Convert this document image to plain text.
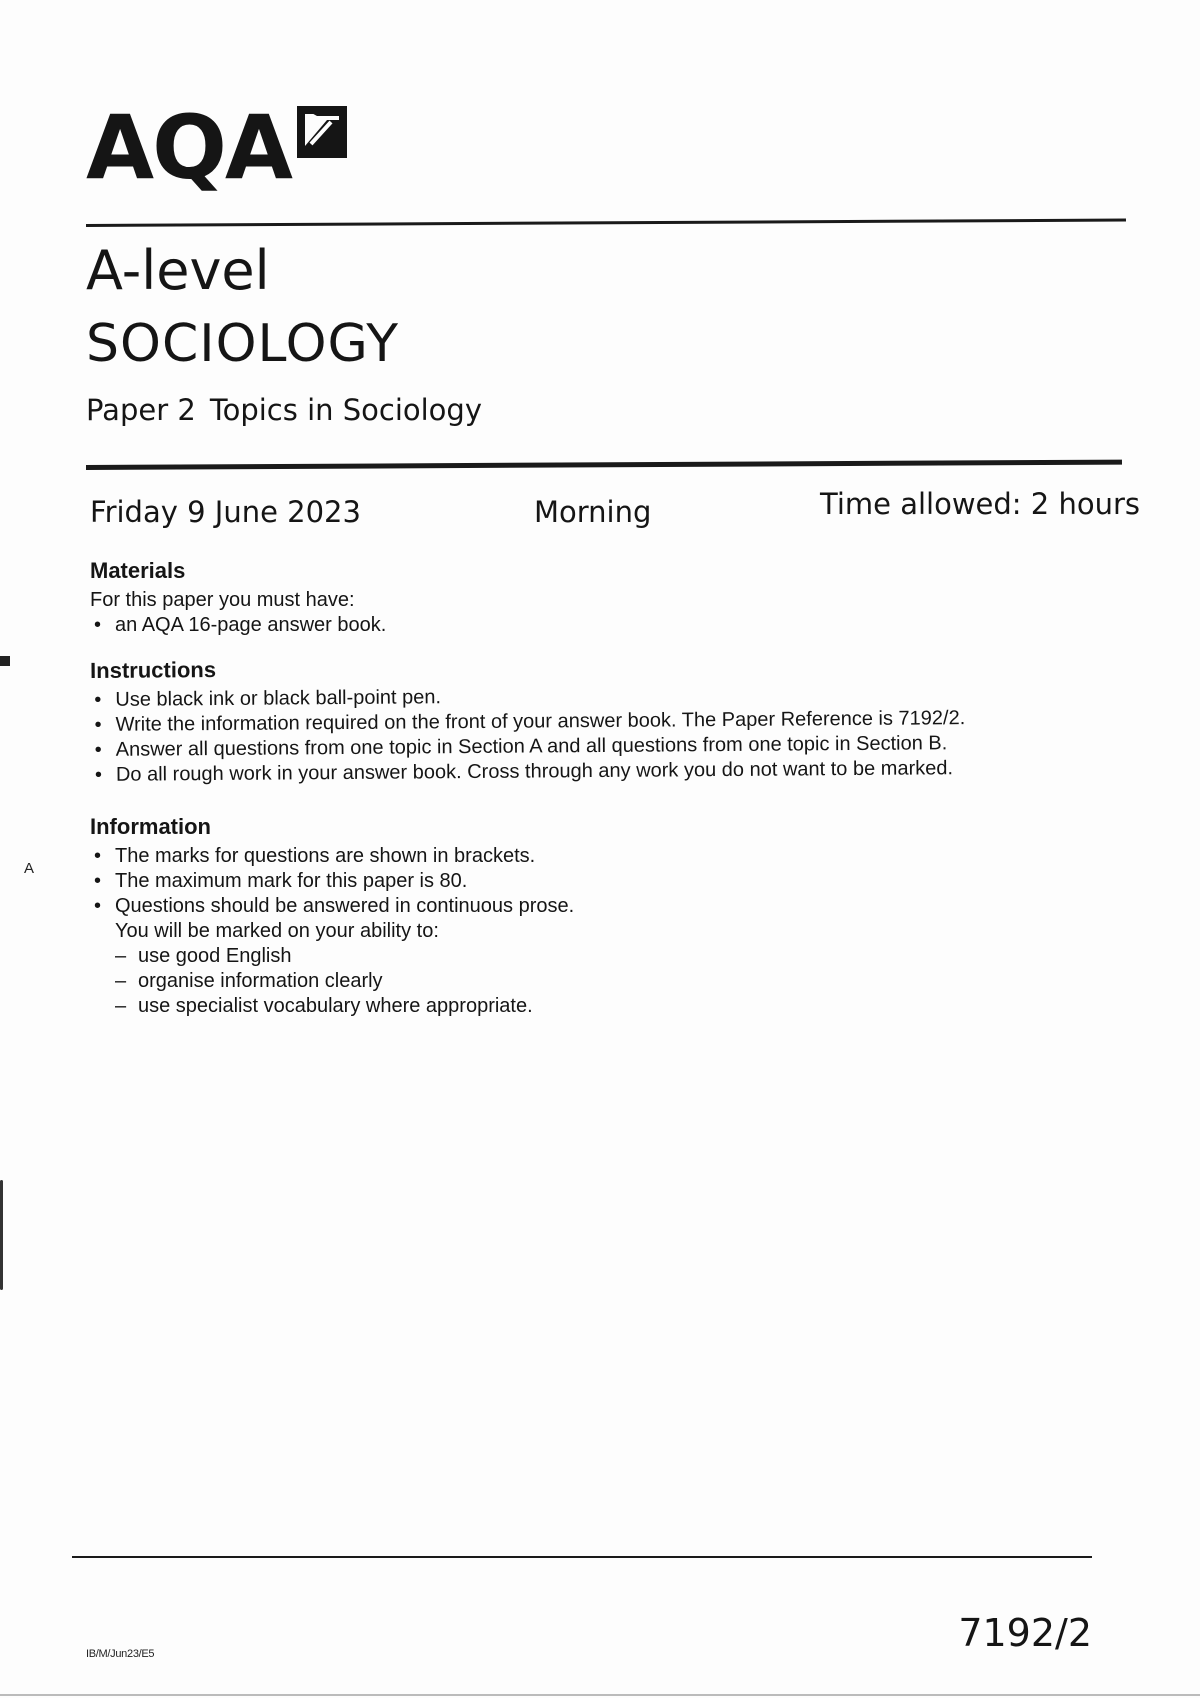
AQA
A-level
SOCIOLOGY
Paper 2 Topics in Sociology
Friday 9 June 2023	Morning	Time allowed: 2 hours
Materials
For this paper you must have:
• an AQA 16-page answer book.
Instructions
• Use black ink or black ball-point pen.
• Write the information required on the front of your answer book. The Paper Reference is 7192/2.
• Answer all questions from one topic in Section A and all questions from one topic in Section B.
• Do all rough work in your answer book. Cross through any work you do not want to be marked.
Information
• The marks for questions are shown in brackets.
• The maximum mark for this paper is 80.
• Questions should be answered in continuous prose.
You will be marked on your ability to:
– use good English
– organise information clearly
– use specialist vocabulary where appropriate.
A
IB/M/Jun23/E5	7192/2
